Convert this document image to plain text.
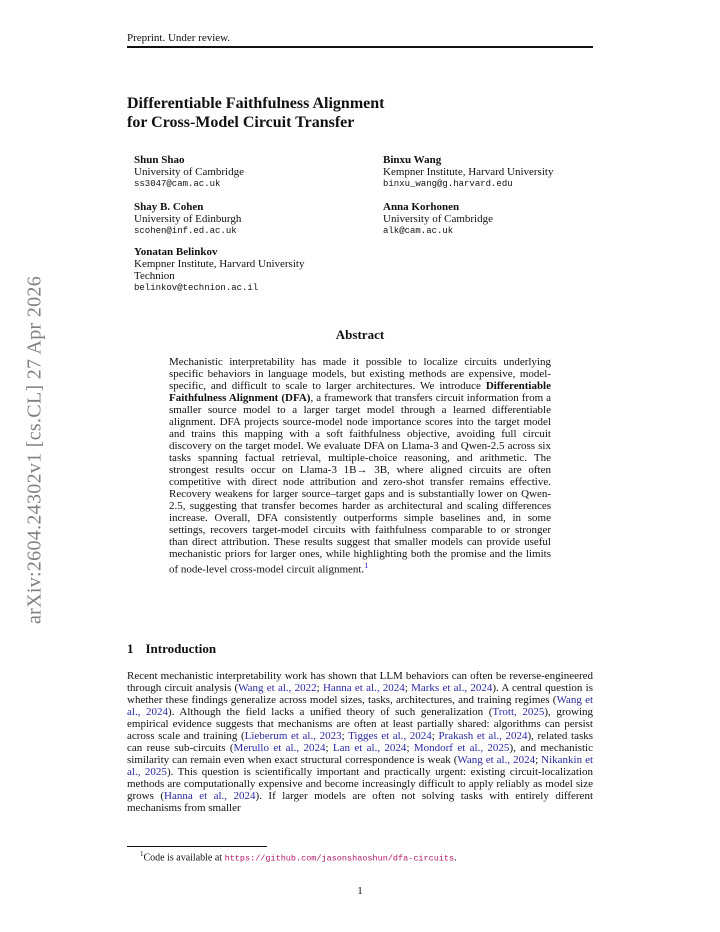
Preprint. Under review.
arXiv:2604.24302v1 [cs.CL] 27 Apr 2026
Differentiable Faithfulness Alignment
for Cross-Model Circuit Transfer
Shun Shao
University of Cambridge
ss3047@cam.ac.uk
Binxu Wang
Kempner Institute, Harvard University
binxu_wang@g.harvard.edu
Shay B. Cohen
University of Edinburgh
scohen@inf.ed.ac.uk
Anna Korhonen
University of Cambridge
alk@cam.ac.uk
Yonatan Belinkov
Kempner Institute, Harvard University
Technion
belinkov@technion.ac.il
Abstract
Mechanistic interpretability has made it possible to localize circuits underlying specific behaviors in language models, but existing methods are expensive, model-specific, and difficult to scale to larger architectures. We introduce Differentiable Faithfulness Alignment (DFA), a framework that transfers circuit information from a smaller source model to a larger target model through a learned differentiable alignment. DFA projects source-model node importance scores into the target model and trains this mapping with a soft faithfulness objective, avoiding full circuit discovery on the target model. We evaluate DFA on Llama-3 and Qwen-2.5 across six tasks spanning factual retrieval, multiple-choice reasoning, and arithmetic. The strongest results occur on Llama-3 1B→ 3B, where aligned circuits are often competitive with direct node attribution and zero-shot transfer remains effective. Recovery weakens for larger source–target gaps and is substantially lower on Qwen-2.5, suggesting that transfer becomes harder as architectural and scaling differences increase. Overall, DFA consistently outperforms simple baselines and, in some settings, recovers target-model circuits with faithfulness comparable to or stronger than direct attribution. These results suggest that smaller models can provide useful mechanistic priors for larger ones, while highlighting both the promise and the limits of node-level cross-model circuit alignment.$^1$
1 Introduction
Recent mechanistic interpretability work has shown that LLM behaviors can often be reverse-engineered through circuit analysis (Wang et al., 2022; Hanna et al., 2024; Marks et al., 2024). A central question is whether these findings generalize across model sizes, tasks, architectures, and training regimes (Wang et al., 2024). Although the field lacks a unified theory of such generalization (Trott, 2025), growing empirical evidence suggests that mechanisms are often at least partially shared: algorithms can persist across scale and training (Lieberum et al., 2023; Tigges et al., 2024; Prakash et al., 2024), related tasks can reuse sub-circuits (Merullo et al., 2024; Lan et al., 2024; Mondorf et al., 2025), and mechanistic similarity can remain even when exact structural correspondence is weak (Wang et al., 2024; Nikankin et al., 2025). This question is scientifically important and practically urgent: existing circuit-localization methods are computationally expensive and become increasingly difficult to apply reliably as model size grows (Hanna et al., 2024). If larger models are often not solving tasks with entirely different mechanisms from smaller
$^1$Code is available at https://github.com/jasonshaoshun/dfa-circuits.
1
